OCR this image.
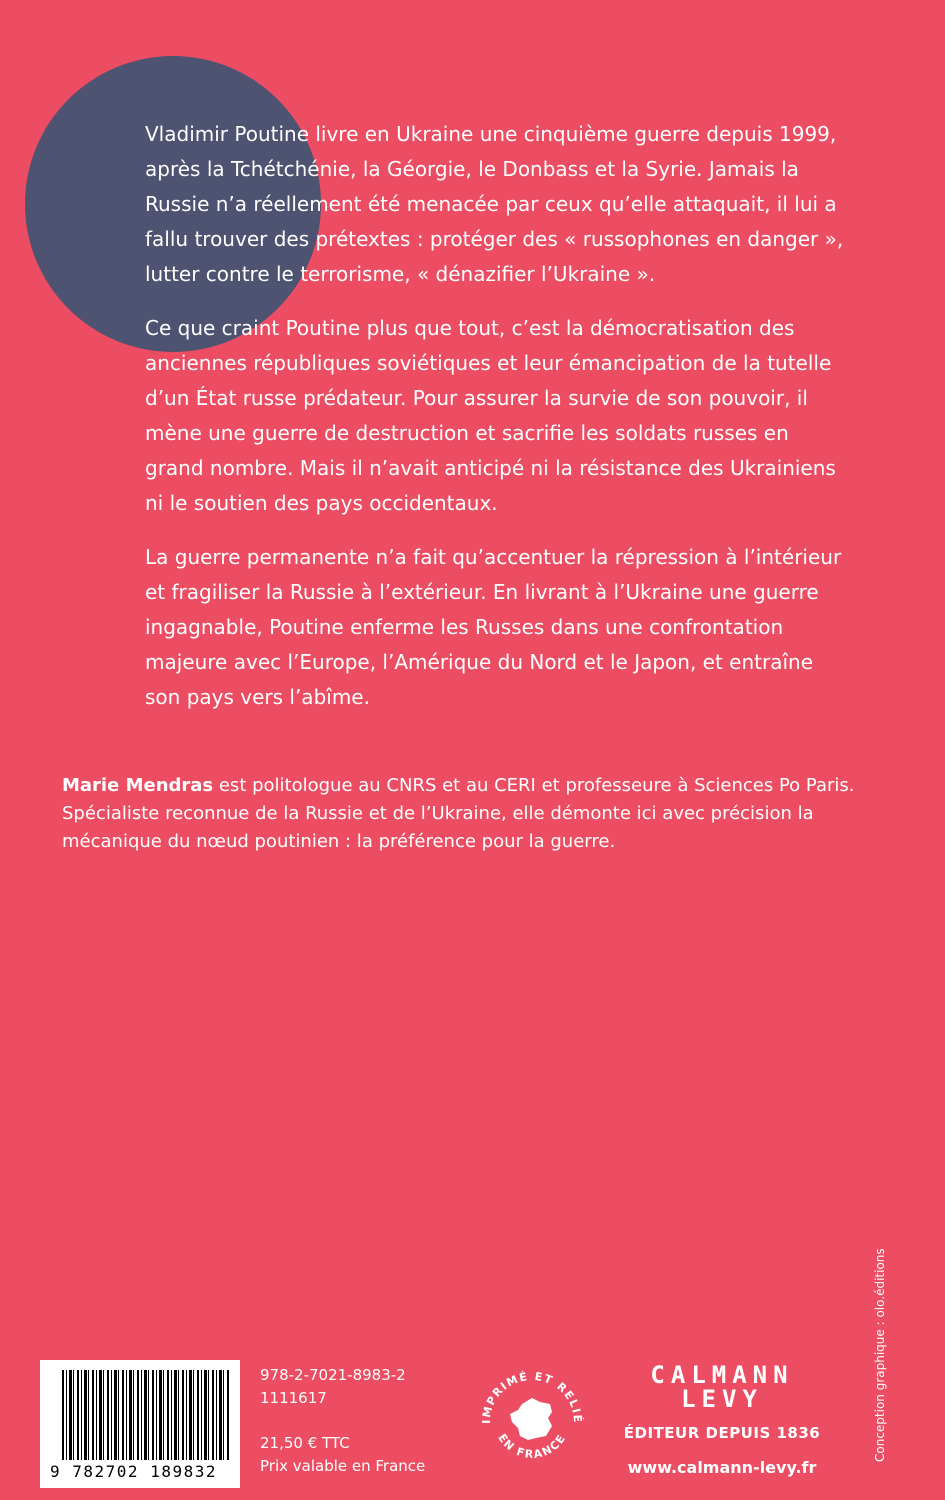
Vladimir Poutine livre en Ukraine une cinquième guerre depuis 1999, après la Tchétchénie, la Géorgie, le Donbass et la Syrie. Jamais la Russie n’a réellement été menacée par ceux qu’elle attaquait, il lui a fallu trouver des prétextes : protéger des « russophones en danger », lutter contre le terrorisme, « dénazifier l’Ukraine ».

Ce que craint Poutine plus que tout, c’est la démocratisation des anciennes républiques soviétiques et leur émancipation de la tutelle d’un État russe prédateur. Pour assurer la survie de son pouvoir, il mène une guerre de destruction et sacrifie les soldats russes en grand nombre. Mais il n’avait anticipé ni la résistance des Ukrainiens ni le soutien des pays occidentaux.

La guerre permanente n’a fait qu’accentuer la répression à l’intérieur et fragiliser la Russie à l’extérieur. En livrant à l’Ukraine une guerre ingagnable, Poutine enferme les Russes dans une confrontation majeure avec l’Europe, l’Amérique du Nord et le Japon, et entraîne son pays vers l’abîme.

Marie Mendras est politologue au CNRS et au CERI et professeure à Sciences Po Paris. Spécialiste reconnue de la Russie et de l’Ukraine, elle démonte ici avec précision la mécanique du nœud poutinien : la préférence pour la guerre.
9 782702 189832
978-2-7021-8983-2
1111617
21,50 € TTC
Prix valable en France
IMPRIMÉ ET RELIÉ
EN FRANCE
CALMANN
LEVY
ÉDITEUR DEPUIS 1836
www.calmann-levy.fr
Conception graphique : olo.éditions
